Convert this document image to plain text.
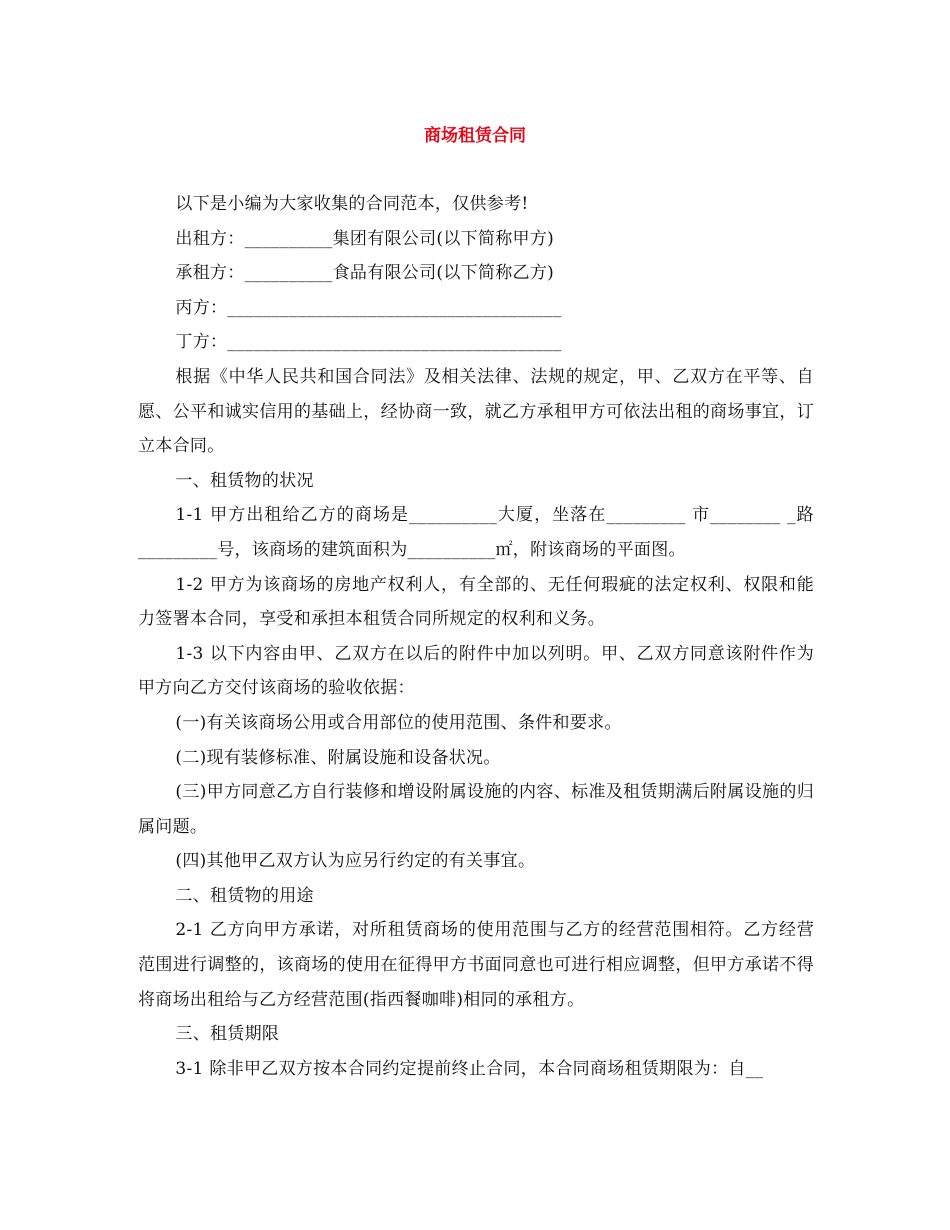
商场租赁合同

以下是小编为大家收集的合同范本，仅供参考!

出租方：__________集团有限公司(以下简称甲方)

承租方：__________食品有限公司(以下简称乙方)

丙方：______________________________________

丁方：______________________________________

根据《中华人民共和国合同法》及相关法律、法规的规定，甲、乙双方在平等、自愿、公平和诚实信用的基础上，经协商一致，就乙方承租甲方可依法出租的商场事宜，订立本合同。

一、租赁物的状况

1-1 甲方出租给乙方的商场是__________大厦，坐落在_________ 市________ _路_________号，该商场的建筑面积为__________㎡，附该商场的平面图。

1-2 甲方为该商场的房地产权利人，有全部的、无任何瑕疵的法定权利、权限和能力签署本合同，享受和承担本租赁合同所规定的权利和义务。

1-3 以下内容由甲、乙双方在以后的附件中加以列明。甲、乙双方同意该附件作为甲方向乙方交付该商场的验收依据：

(一)有关该商场公用或合用部位的使用范围、条件和要求。

(二)现有装修标准、附属设施和设备状况。

(三)甲方同意乙方自行装修和增设附属设施的内容、标准及租赁期满后附属设施的归属问题。

(四)其他甲乙双方认为应另行约定的有关事宜。

二、租赁物的用途

2-1 乙方向甲方承诺，对所租赁商场的使用范围与乙方的经营范围相符。乙方经营范围进行调整的，该商场的使用在征得甲方书面同意也可进行相应调整，但甲方承诺不得将商场出租给与乙方经营范围(指西餐咖啡)相同的承租方。

三、租赁期限

3-1 除非甲乙双方按本合同约定提前终止合同，本合同商场租赁期限为：自__
